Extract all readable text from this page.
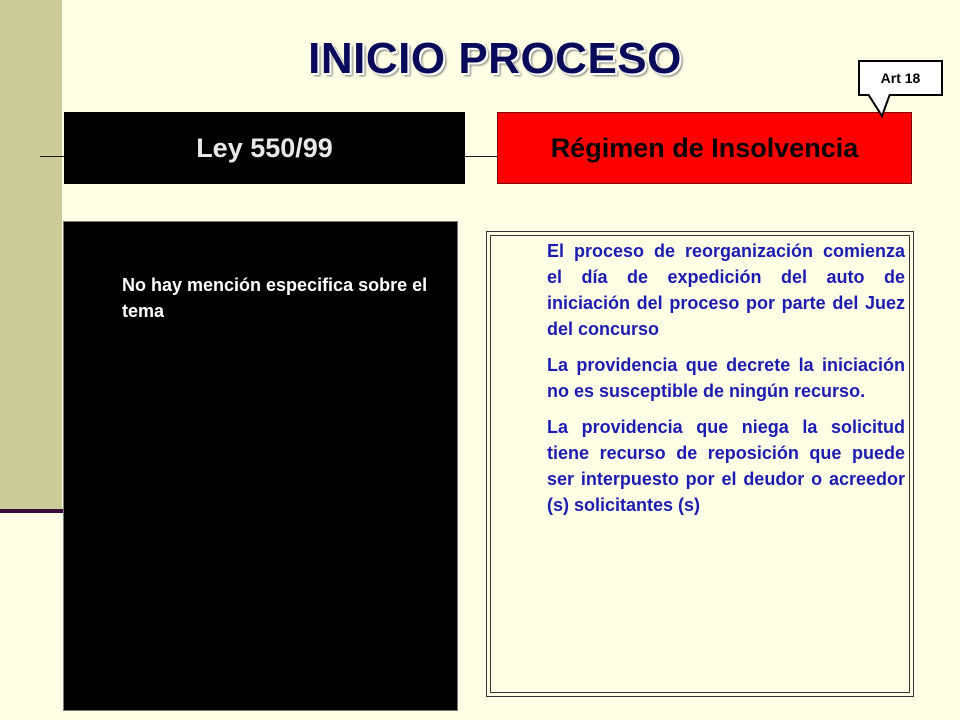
INICIO PROCESO
Ley 550/99	Régimen de Insolvencia
Art 18
No hay mención especifica sobre el tema

El proceso de reorganización comienza el día de expedición del auto de iniciación del proceso por parte del Juez del concurso

La providencia que decrete la iniciación no es susceptible de ningún recurso.

La providencia que niega la solicitud tiene recurso de reposición que puede ser interpuesto por el deudor o acreedor (s) solicitantes (s)
